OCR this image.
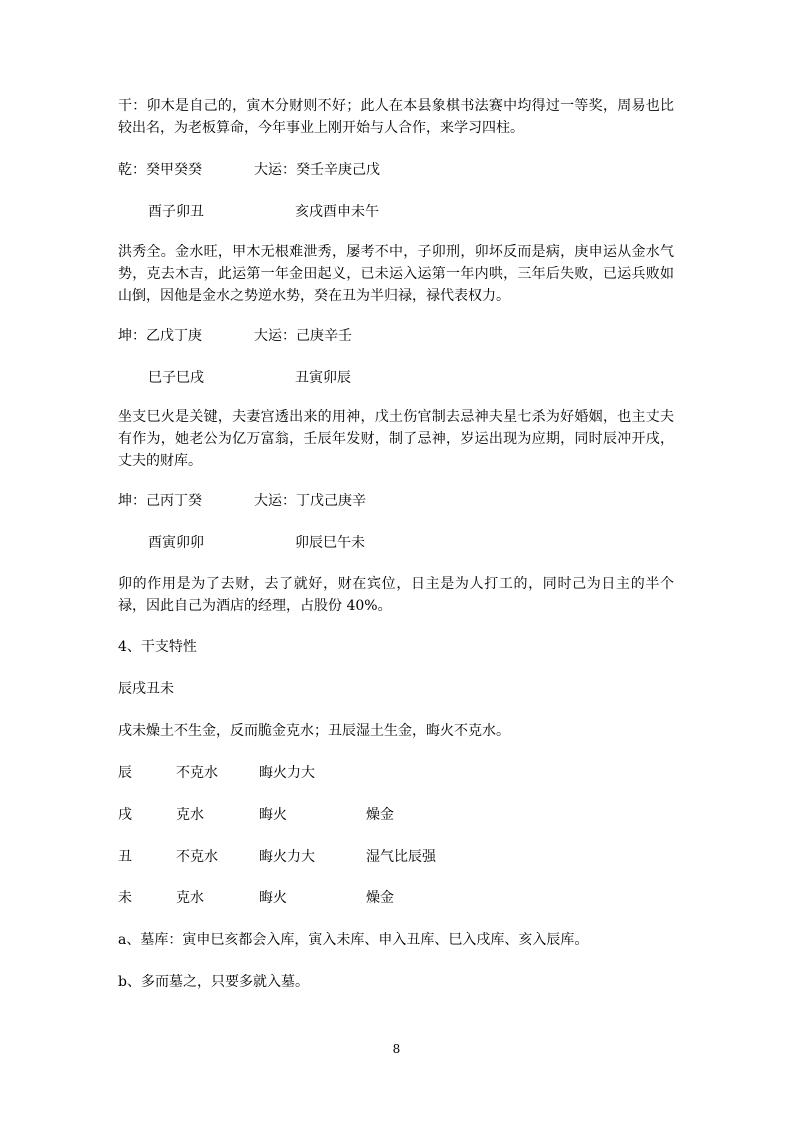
干：卯木是自己的，寅木分财则不好；此人在本县象棋书法赛中均得过一等奖，周易也比较出名，为老板算命，今年事业上刚开始与人合作，来学习四柱。
乾：癸甲癸癸	大运：癸壬辛庚己戊
酉子卯丑	亥戌酉申未午
洪秀全。金水旺，甲木无根难泄秀，屡考不中，子卯刑，卯坏反而是病，庚申运从金水气势，克去木吉，此运第一年金田起义，已未运入运第一年内哄，三年后失败，已运兵败如山倒，因他是金水之势逆水势，癸在丑为半归禄，禄代表权力。
坤：乙戊丁庚	大运：己庚辛壬
巳子巳戌	丑寅卯辰
坐支巳火是关键，夫妻宫透出来的用神，戊土伤官制去忌神夫星七杀为好婚姻，也主丈夫有作为，她老公为亿万富翁，壬辰年发财，制了忌神，岁运出现为应期，同时辰冲开戌，丈夫的财库。
坤：己丙丁癸	大运：丁戊己庚辛
酉寅卯卯	卯辰巳午未
卯的作用是为了去财，去了就好，财在宾位，日主是为人打工的，同时己为日主的半个禄，因此自己为酒店的经理，占股份 40%。
4、干支特性
辰戌丑未
戌未燥土不生金，反而脆金克水；丑辰湿土生金，晦火不克水。
辰	不克水	晦火力大
戌	克水	晦火	燥金
丑	不克水	晦火力大	湿气比辰强
未	克水	晦火	燥金
a、墓库：寅申巳亥都会入库，寅入未库、申入丑库、巳入戌库、亥入辰库。
b、多而墓之，只要多就入墓。
8
